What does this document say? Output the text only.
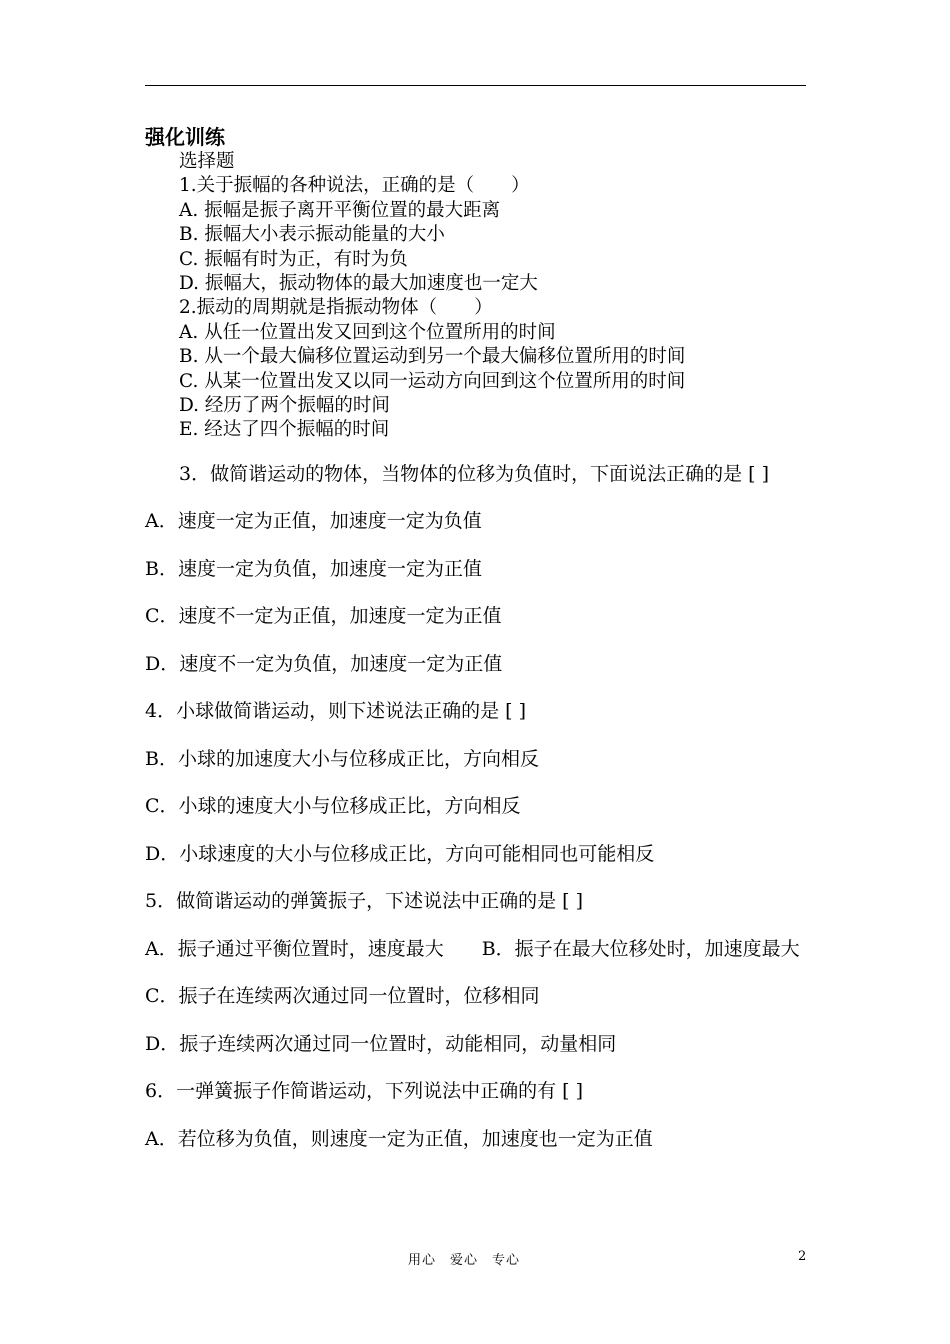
强化训练
选择题
1.关于振幅的各种说法，正确的是（　　）
A. 振幅是振子离开平衡位置的最大距离
B. 振幅大小表示振动能量的大小
C. 振幅有时为正，有时为负
D. 振幅大，振动物体的最大加速度也一定大
2.振动的周期就是指振动物体（　　）
A. 从任一位置出发又回到这个位置所用的时间
B. 从一个最大偏移位置运动到另一个最大偏移位置所用的时间
C. 从某一位置出发又以同一运动方向回到这个位置所用的时间
D. 经历了两个振幅的时间
E. 经达了四个振幅的时间

3．做简谐运动的物体，当物体的位移为负值时，下面说法正确的是 [ ]

A．速度一定为正值，加速度一定为负值

B．速度一定为负值，加速度一定为正值

C．速度不一定为正值，加速度一定为正值

D．速度不一定为负值，加速度一定为正值

4．小球做简谐运动，则下述说法正确的是 [ ]

B．小球的加速度大小与位移成正比，方向相反

C．小球的速度大小与位移成正比，方向相反

D．小球速度的大小与位移成正比，方向可能相同也可能相反

5．做简谐运动的弹簧振子，下述说法中正确的是 [ ]

A．振子通过平衡位置时，速度最大　　B．振子在最大位移处时，加速度最大

C．振子在连续两次通过同一位置时，位移相同

D．振子连续两次通过同一位置时，动能相同，动量相同

6．一弹簧振子作简谐运动，下列说法中正确的有 [ ]

A．若位移为负值，则速度一定为正值，加速度也一定为正值

用心　爱心　专心	2
